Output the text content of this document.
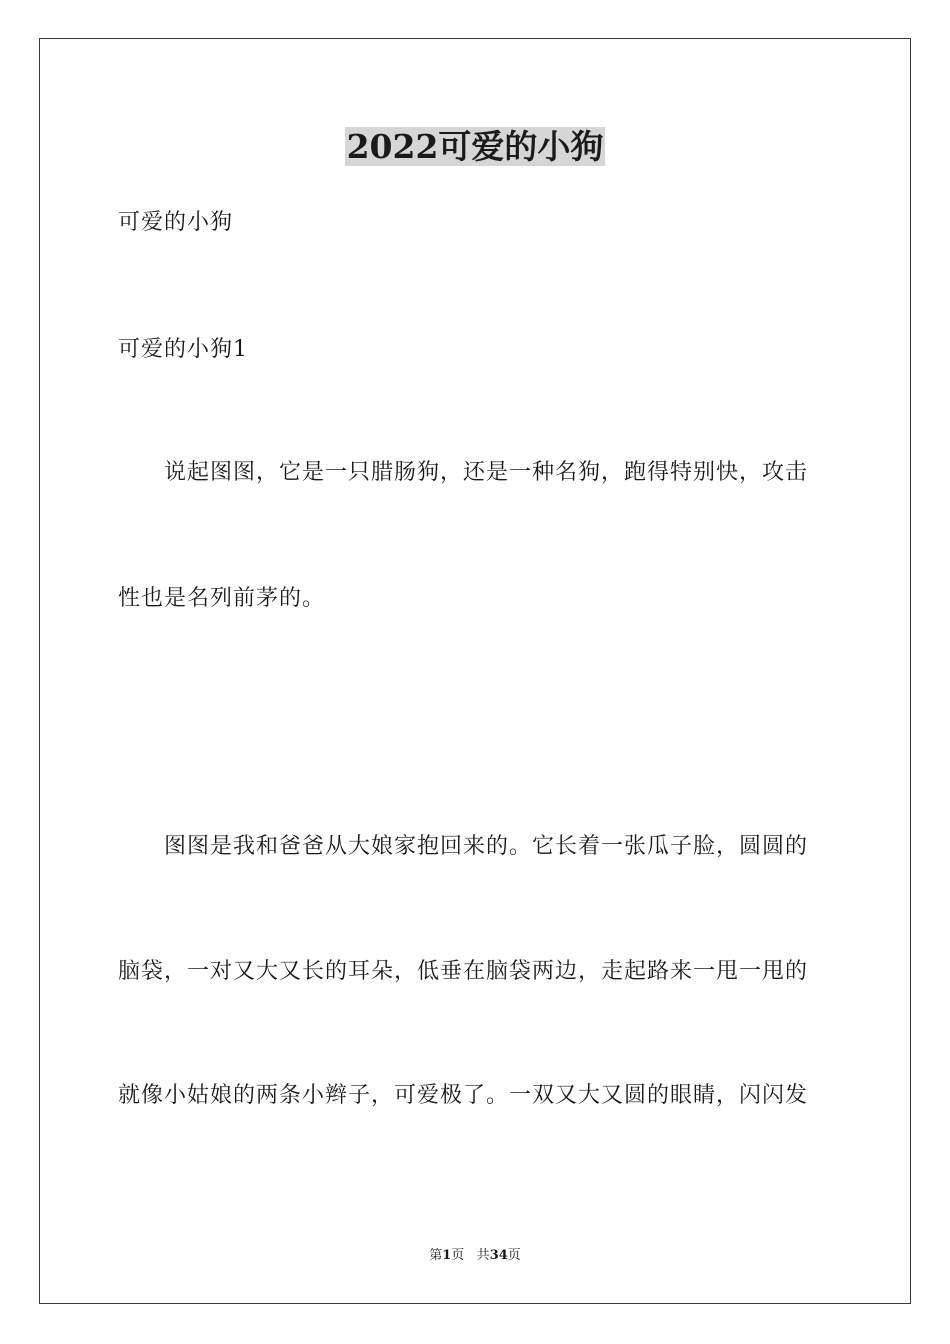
2022可爱的小狗
可爱的小狗
可爱的小狗1
　　说起图图，它是一只腊肠狗，还是一种名狗，跑得特别快，攻击
性也是名列前茅的。
　　图图是我和爸爸从大娘家抱回来的。它长着一张瓜子脸，圆圆的
脑袋，一对又大又长的耳朵，低垂在脑袋两边，走起路来一甩一甩的
就像小姑娘的两条小辫子，可爱极了。一双又大又圆的眼睛，闪闪发
第1页 共34页
